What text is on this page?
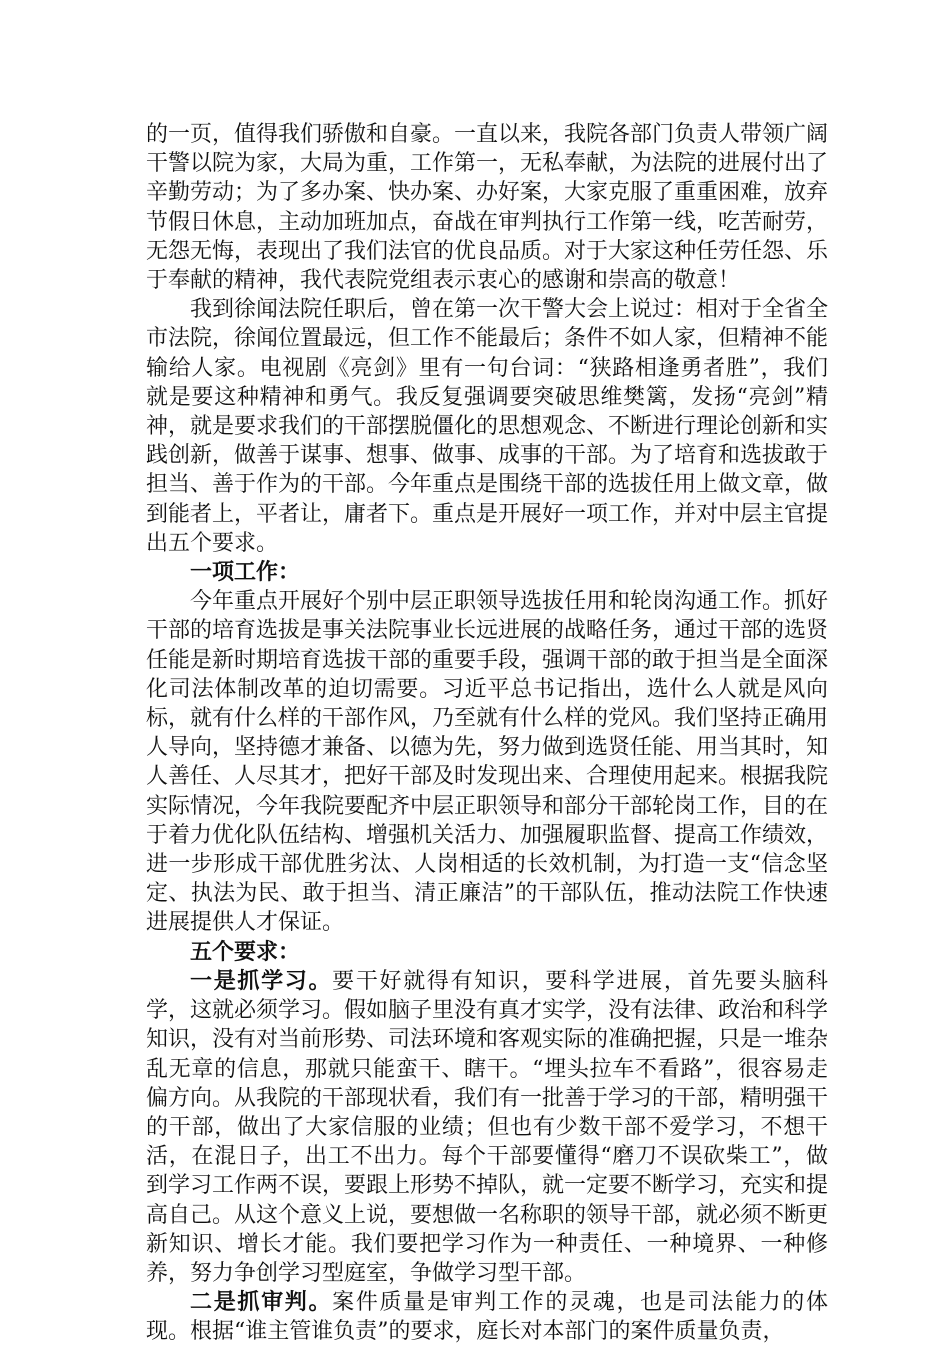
的一页，值得我们骄傲和自豪。一直以来，我院各部门负责人带领广阔干警以院为家，大局为重，工作第一，无私奉献，为法院的进展付出了辛勤劳动；为了多办案、快办案、办好案，大家克服了重重困难，放弃节假日休息，主动加班加点，奋战在审判执行工作第一线，吃苦耐劳，无怨无悔，表现出了我们法官的优良品质。对于大家这种任劳任怨、乐于奉献的精神，我代表院党组表示衷心的感谢和崇高的敬意！

我到徐闻法院任职后，曾在第一次干警大会上说过：相对于全省全市法院，徐闻位置最远，但工作不能最后；条件不如人家，但精神不能输给人家。电视剧《亮剑》里有一句台词：“狭路相逢勇者胜”，我们就是要这种精神和勇气。我反复强调要突破思维樊篱，发扬“亮剑”精神，就是要求我们的干部摆脱僵化的思想观念、不断进行理论创新和实践创新，做善于谋事、想事、做事、成事的干部。为了培育和选拔敢于担当、善于作为的干部。今年重点是围绕干部的选拔任用上做文章，做到能者上，平者让，庸者下。重点是开展好一项工作，并对中层主官提出五个要求。

一项工作：

今年重点开展好个别中层正职领导选拔任用和轮岗沟通工作。抓好干部的培育选拔是事关法院事业长远进展的战略任务，通过干部的选贤任能是新时期培育选拔干部的重要手段，强调干部的敢于担当是全面深化司法体制改革的迫切需要。习近平总书记指出，选什么人就是风向标，就有什么样的干部作风，乃至就有什么样的党风。我们坚持正确用人导向，坚持德才兼备、以德为先，努力做到选贤任能、用当其时，知人善任、人尽其才，把好干部及时发现出来、合理使用起来。根据我院实际情况，今年我院要配齐中层正职领导和部分干部轮岗工作，目的在于着力优化队伍结构、增强机关活力、加强履职监督、提高工作绩效，进一步形成干部优胜劣汰、人岗相适的长效机制，为打造一支“信念坚定、执法为民、敢于担当、清正廉洁”的干部队伍，推动法院工作快速进展提供人才保证。

五个要求：

一是抓学习。要干好就得有知识，要科学进展，首先要头脑科学，这就必须学习。假如脑子里没有真才实学，没有法律、政治和科学知识，没有对当前形势、司法环境和客观实际的准确把握，只是一堆杂乱无章的信息，那就只能蛮干、瞎干。“埋头拉车不看路”，很容易走偏方向。从我院的干部现状看，我们有一批善于学习的干部，精明强干的干部，做出了大家信服的业绩；但也有少数干部不爱学习，不想干活，在混日子，出工不出力。每个干部要懂得“磨刀不误砍柴工”，做到学习工作两不误，要跟上形势不掉队，就一定要不断学习，充实和提高自己。从这个意义上说，要想做一名称职的领导干部，就必须不断更新知识、增长才能。我们要把学习作为一种责任、一种境界、一种修养，努力争创学习型庭室，争做学习型干部。

二是抓审判。案件质量是审判工作的灵魂，也是司法能力的体现。根据“谁主管谁负责”的要求，庭长对本部门的案件质量负责，
